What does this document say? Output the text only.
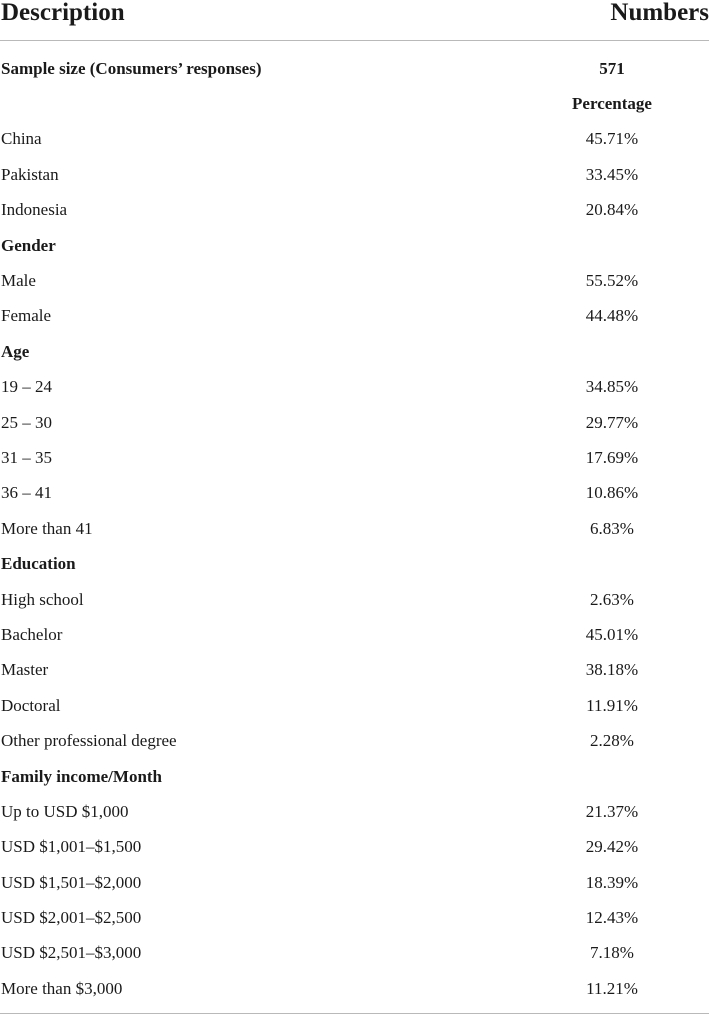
Description	Numbers
Sample size (Consumers’ responses)	571
Percentage
China	45.71%
Pakistan	33.45%
Indonesia	20.84%
Gender
Male	55.52%
Female	44.48%
Age
19 – 24	34.85%
25 – 30	29.77%
31 – 35	17.69%
36 – 41	10.86%
More than 41	6.83%
Education
High school	2.63%
Bachelor	45.01%
Master	38.18%
Doctoral	11.91%
Other professional degree	2.28%
Family income/Month
Up to USD $1,000	21.37%
USD $1,001–$1,500	29.42%
USD $1,501–$2,000	18.39%
USD $2,001–$2,500	12.43%
USD $2,501–$3,000	7.18%
More than $3,000	11.21%
